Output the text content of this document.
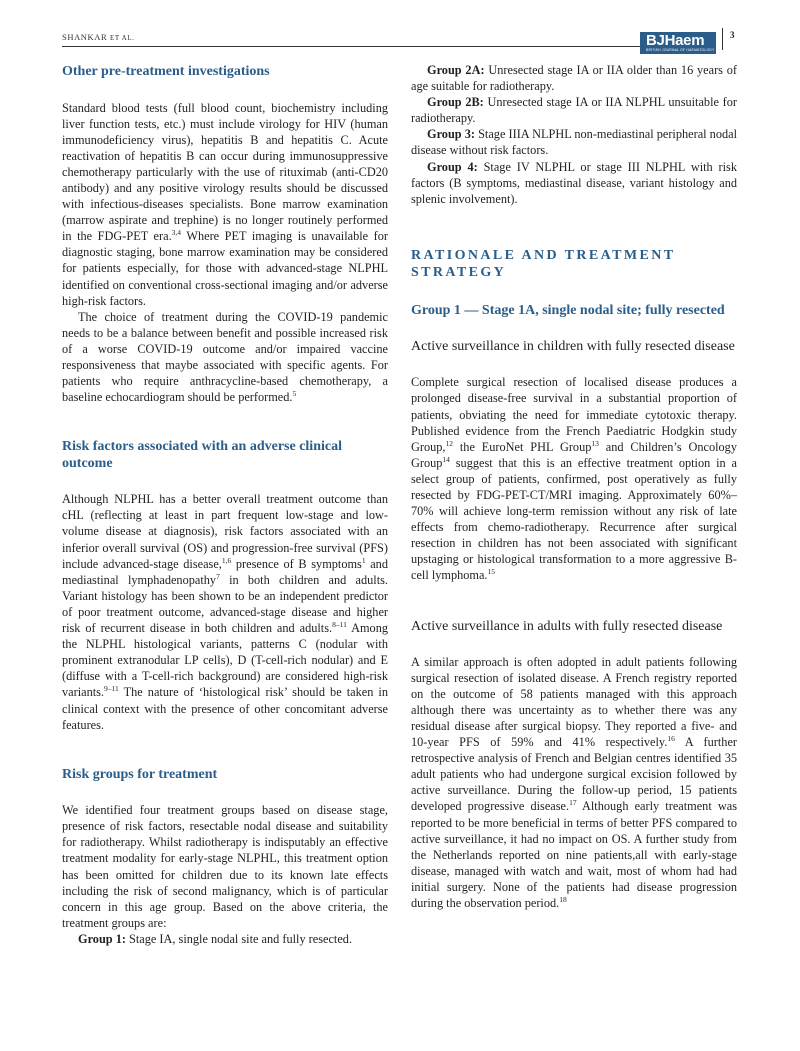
SHANKAR ET AL.	BJHaem
BRITISH JOURNAL OF HAEMATOLOGY
3
Other pre-treatment investigations

Standard blood tests (full blood count, biochemistry including liver function tests, etc.) must include virology for HIV (human immunodeficiency virus), hepatitis B and hepatitis C. Acute reactivation of hepatitis B can occur during immunosuppressive chemotherapy particularly with the use of rituximab (anti-CD20 antibody) and any positive virology results should be discussed with infectious-diseases specialists. Bone marrow examination (marrow aspirate and trephine) is no longer routinely performed in the FDG-PET era.$^{3,4}$ Where PET imaging is unavailable for diagnostic staging, bone marrow examination may be considered for patients especially, for those with advanced-stage NLPHL identified on conventional cross-sectional imaging and/or adverse high-risk factors.

The choice of treatment during the COVID-19 pandemic needs to be a balance between benefit and possible increased risk of a worse COVID-19 outcome and/or impaired vaccine responsiveness that maybe associated with specific agents. For patients who require anthracycline-based chemotherapy, a baseline echocardiogram should be performed.$^5$

Risk factors associated with an adverse clinical outcome

Although NLPHL has a better overall treatment outcome than cHL (reflecting at least in part frequent low-stage and low-volume disease at diagnosis), risk factors associated with an inferior overall survival (OS) and progression-free survival (PFS) include advanced-stage disease,$^{1,6}$ presence of B symptoms$^1$ and mediastinal lymphadenopathy$^7$ in both children and adults. Variant histology has been shown to be an independent predictor of poor treatment outcome, advanced-stage disease and higher risk of recurrent disease in both children and adults.$^{8-11}$ Among the NLPHL histological variants, patterns C (nodular with prominent extranodular LP cells), D (T-cell-rich nodular) and E (diffuse with a T-cell-rich background) are considered high-risk variants.$^{9-11}$ The nature of ‘histological risk’ should be taken in clinical context with the presence of other concomitant adverse features.

Risk groups for treatment

We identified four treatment groups based on disease stage, presence of risk factors, resectable nodal disease and suitability for radiotherapy. Whilst radiotherapy is indisputably an effective treatment modality for early-stage NLPHL, this treatment option has been omitted for children due to its known late effects including the risk of second malignancy, which is of particular concern in this age group. Based on the above criteria, the treatment groups are:

Group 1: Stage IA, single nodal site and fully resected.

Group 2A: Unresected stage IA or IIA older than 16 years of age suitable for radiotherapy.

Group 2B: Unresected stage IA or IIA NLPHL unsuitable for radiotherapy.

Group 3: Stage IIIA NLPHL non-mediastinal peripheral nodal disease without risk factors.

Group 4: Stage IV NLPHL or stage III NLPHL with risk factors (B symptoms, mediastinal disease, variant histology and splenic involvement).

RATIONALE AND TREATMENT STRATEGY
Group 1 — Stage 1A, single nodal site; fully resected
Active surveillance in children with fully resected disease

Complete surgical resection of localised disease produces a prolonged disease-free survival in a substantial proportion of patients, obviating the need for immediate cytotoxic therapy. Published evidence from the French Paediatric Hodgkin study Group,$^{12}$ the EuroNet PHL Group$^{13}$ and Children’s Oncology Group$^{14}$ suggest that this is an effective treatment option in a select group of patients, confirmed, post operatively as fully resected by FDG-PET-CT/MRI imaging. Approximately 60%–70% will achieve long-term remission without any risk of late effects from chemo-radiotherapy. Recurrence after surgical resection in children has not been associated with significant upstaging or histological transformation to a more aggressive B-cell lymphoma.$^{15}$

Active surveillance in adults with fully resected disease

A similar approach is often adopted in adult patients following surgical resection of isolated disease. A French registry reported on the outcome of 58 patients managed with this approach although there was uncertainty as to whether there was any residual disease after surgical biopsy. They reported a five- and 10-year PFS of 59% and 41% respectively.$^{16}$ A further retrospective analysis of French and Belgian centres identified 35 adult patients who had undergone surgical excision followed by active surveillance. During the follow-up period, 15 patients developed progressive disease.$^{17}$ Although early treatment was reported to be more beneficial in terms of better PFS compared to active surveillance, it had no impact on OS. A further study from the Netherlands reported on nine patients,all with early-stage disease, managed with watch and wait, most of whom had had initial surgery. None of the patients had disease progression during the observation period.$^{18}$
